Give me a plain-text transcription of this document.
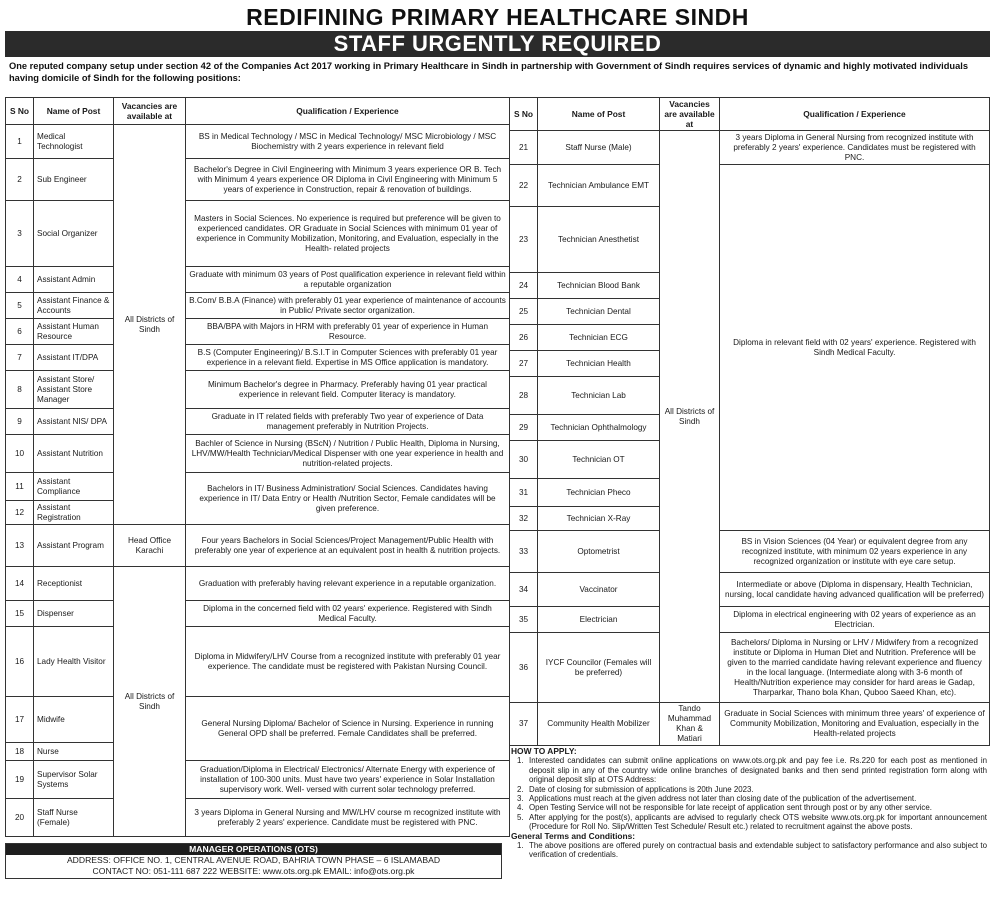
REDIFINING PRIMARY HEALTHCARE SINDH
STAFF URGENTLY REQUIRED
One reputed company setup under section 42 of the Companies Act 2017 working in Primary Healthcare in Sindh in partnership with Government of Sindh requires services of dynamic and highly motivated individuals having domicile of Sindh for the following positions:
S No	Name of Post	Vacancies are available at	Qualification / Experience
1	Medical Technologist	All Districts of Sindh	BS in Medical Technology / MSC in Medical Technology/ MSC Microbiology / MSC Biochemistry with 2 years experience in relevant field
2	Sub Engineer		Bachelor's Degree in Civil Engineering with Minimum 3 years experience OR B. Tech with Minimum 4 years experience OR Diploma in Civil Engineering with Minimum 5 years of experience in Construction, repair & renovation of buildings.
3	Social Organizer		Masters in Social Sciences. No experience is required but preference will be given to experienced candidates. OR Graduate in Social Sciences with minimum 01 year of experience in Community Mobilization, Monitoring, and Evaluation, especially in the Health- related projects
4	Assistant Admin		Graduate with minimum 03 years of Post qualification experience in relevant field within a reputable organization
5	Assistant Finance & Accounts		B.Com/ B.B.A (Finance) with preferably 01 year experience of maintenance of accounts in Public/ Private sector organization.
6	Assistant Human Resource		BBA/BPA with Majors in HRM with preferably 01 year of experience in Human Resource.
7	Assistant IT/DPA		B.S (Computer Engineering)/ B.S.I.T in Computer Sciences with preferably 01 year experience in a relevant field. Expertise in MS Office application is mandatory.
8	Assistant Store/ Assistant Store Manager		Minimum Bachelor's degree in Pharmacy. Preferably having 01 year practical experience in relevant field. Computer literacy is mandatory.
9	Assistant NIS/ DPA		Graduate in IT related fields with preferably Two year of experience of Data management preferably in Nutrition Projects.
10	Assistant Nutrition		Bachler of Science in Nursing (BScN) / Nutrition / Public Health, Diploma in Nursing, LHV/MW/Health Technician/Medical Dispenser with one year experience in health and nutrition-related projects.
11	Assistant Compliance		Bachelors in IT/ Business Administration/ Social Sciences. Candidates having experience in IT/ Data Entry or Health /Nutrition Sector, Female candidates will be given preference.
12	Assistant Registration		
13	Assistant Program	Head Office Karachi	Four years Bachelors in Social Sciences/Project Management/Public Health with preferably one year of experience at an equivalent post in health & nutrition projects.
14	Receptionist	All Districts of Sindh	Graduation with preferably having relevant experience in a reputable organization.
15	Dispenser		Diploma in the concerned field with 02 years' experience. Registered with Sindh Medical Faculty.
16	Lady Health Visitor		Diploma in Midwifery/LHV Course from a recognized institute with preferably 01 year experience. The candidate must be registered with Pakistan Nursing Council.
17	Midwife		General Nursing Diploma/ Bachelor of Science in Nursing. Experience in running General OPD shall be preferred. Female Candidates shall be preferred.
18	Nurse		
19	Supervisor Solar Systems		Graduation/Diploma in Electrical/ Electronics/ Alternate Energy with experience of installation of 100-300 units. Must have two years' experience in Solar Installation supervisory work. Well- versed with current solar technology preferred.
20	Staff Nurse (Female)		3 years Diploma in General Nursing and MW/LHV course m recognized institute with preferably 2 years' experience. Candidate must be registered with PNC.
S No	Name of Post	Vacancies are available at	Qualification / Experience
21	Staff Nurse (Male)	All Districts of Sindh	3 years Diploma in General Nursing from recognized institute with preferably 2 years' experience. Candidates must be registered with PNC.
22	Technician Ambulance EMT		Diploma in relevant field with 02 years' experience. Registered with Sindh Medical Faculty.
23	Technician Anesthetist		
24	Technician Blood Bank		
25	Technician Dental		
26	Technician ECG		
27	Technician Health		
28	Technician Lab		
29	Technician Ophthalmology		
30	Technician OT		
31	Technician Pheco		
32	Technician X-Ray		
33	Optometrist		BS in Vision Sciences (04 Year) or equivalent degree from any recognized institute, with minimum 02 years experience in any recognized organization or institute with eye care setup.
34	Vaccinator		Intermediate or above (Diploma in dispensary, Health Technician, nursing, local candidate having advanced qualification will be preferred)
35	Electrician		Diploma in electrical engineering with 02 years of experience as an Electrician.
36	IYCF Councilor (Females will be preferred)		Bachelors/ Diploma in Nursing or LHV / Midwifery from a recognized institute or Diploma in Human Diet and Nutrition. Preference will be given to the married candidate having relevant experience and fluency in the local language. (Intermediate along with 3-6 month of Health/Nutrition experience may consider for hard areas ie Gadap, Tharparkar, Thano bola Khan, Quboo Saeed Khan, etc).
37	Community Health Mobilizer	Tando Muhammad Khan & Matiari	Graduate in Social Sciences with minimum three years' of experience of Community Mobilization, Monitoring and Evaluation, especially in the Health-related projects
HOW TO APPLY:
1. Interested candidates can submit online applications on www.ots.org.pk and pay fee i.e. Rs.220 for each post as mentioned in deposit slip in any of the country wide online branches of designated banks and then send printed registration form along with original deposit slip at OTS Address:
2. Date of closing for submission of applications is 20th June 2023.
3. Applications must reach at the given address not later than closing date of the publication of the advertisement.
4. Open Testing Service will not be responsible for late receipt of application sent through post or by any other service.
5. After applying for the post(s), applicants are advised to regularly check OTS website www.ots.org.pk for important announcement (Procedure for Roll No. Slip/Written Test Schedule/ Result etc.) related to recruitment against the above posts.
General Terms and Conditions:
1. The above positions are offered purely on contractual basis and extendable subject to satisfactory performance and also subject to verification of credentials.
MANAGER OPERATIONS (OTS)
ADDRESS: OFFICE NO. 1, CENTRAL AVENUE ROAD, BAHRIA TOWN PHASE – 6 ISLAMABAD
CONTACT NO: 051-111 687 222 WEBSITE: www.ots.org.pk EMAIL: info@ots.org.pk
